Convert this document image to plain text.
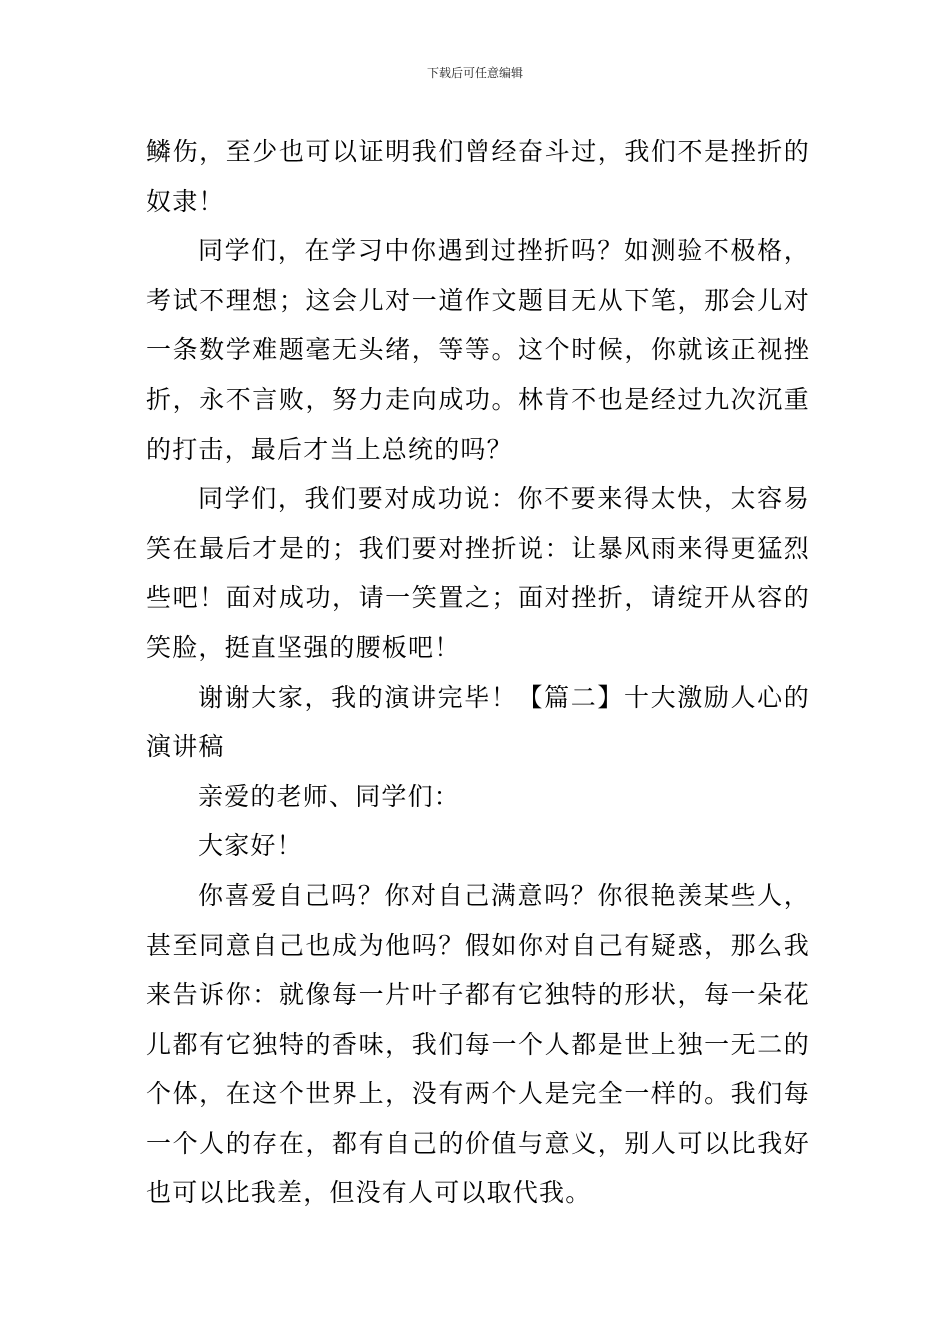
下载后可任意编辑

鳞伤，至少也可以证明我们曾经奋斗过，我们不是挫折的奴隶！

同学们，在学习中你遇到过挫折吗？如测验不极格，考试不理想；这会儿对一道作文题目无从下笔，那会儿对一条数学难题毫无头绪，等等。这个时候，你就该正视挫折，永不言败，努力走向成功。林肯不也是经过九次沉重的打击，最后才当上总统的吗？

同学们，我们要对成功说：你不要来得太快，太容易笑在最后才是的；我们要对挫折说：让暴风雨来得更猛烈些吧！面对成功，请一笑置之；面对挫折，请绽开从容的笑脸，挺直坚强的腰板吧！

谢谢大家，我的演讲完毕！【篇二】十大激励人心的演讲稿

亲爱的老师、同学们：

大家好！

你喜爱自己吗？你对自己满意吗？你很艳羡某些人，甚至同意自己也成为他吗？假如你对自己有疑惑，那么我来告诉你：就像每一片叶子都有它独特的形状，每一朵花儿都有它独特的香味，我们每一个人都是世上独一无二的个体，在这个世界上，没有两个人是完全一样的。我们每一个人的存在，都有自己的价值与意义，别人可以比我好也可以比我差，但没有人可以取代我。
